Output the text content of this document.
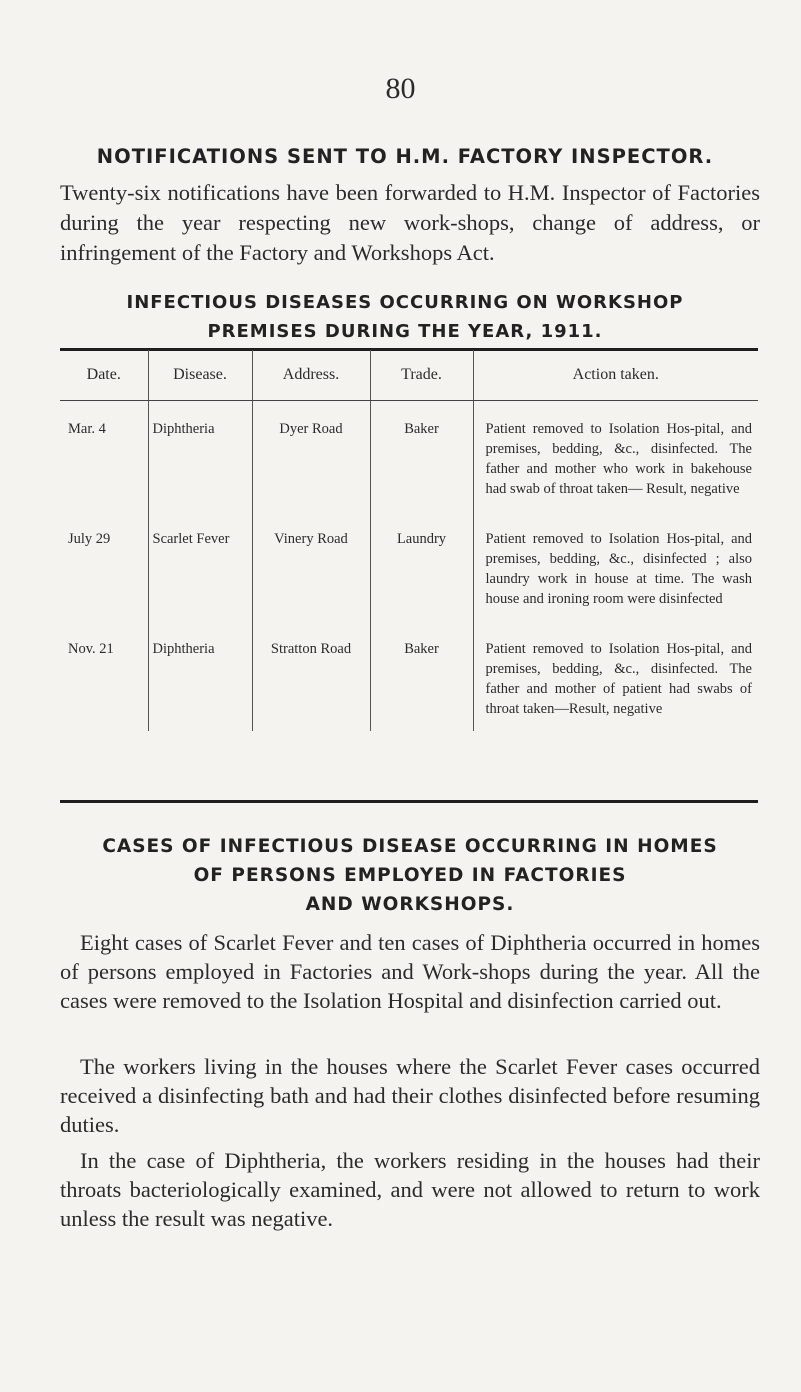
80
NOTIFICATIONS SENT TO H.M. FACTORY INSPECTOR.
Twenty-six notifications have been forwarded to H.M. Inspector of Factories during the year respecting new work-shops, change of address, or infringement of the Factory and Workshops Act.
INFECTIOUS DISEASES OCCURRING ON WORKSHOP
PREMISES DURING THE YEAR, 1911.
Date.	Disease.	Address.	Trade.	Action taken.
Mar. 4	Diphtheria	Dyer Road	Baker	Patient removed to Isolation Hos-pital, and premises, bedding, &c., disinfected. The father and mother who work in bakehouse had swab of throat taken— Result, negative
July 29	Scarlet Fever	Vinery Road	Laundry	Patient removed to Isolation Hos-pital, and premises, bedding, &c., disinfected ; also laundry work in house at time. The wash house and ironing room were disinfected
Nov. 21	Diphtheria	Stratton Road	Baker	Patient removed to Isolation Hos-pital, and premises, bedding, &c., disinfected. The father and mother of patient had swabs of throat taken—Result, negative
CASES OF INFECTIOUS DISEASE OCCURRING IN HOMES
OF PERSONS EMPLOYED IN FACTORIES
AND WORKSHOPS.

Eight cases of Scarlet Fever and ten cases of Diphtheria occurred in homes of persons employed in Factories and Work-shops during the year. All the cases were removed to the Isolation Hospital and disinfection carried out.

The workers living in the houses where the Scarlet Fever cases occurred received a disinfecting bath and had their clothes disinfected before resuming duties.

In the case of Diphtheria, the workers residing in the houses had their throats bacteriologically examined, and were not allowed to return to work unless the result was negative.
